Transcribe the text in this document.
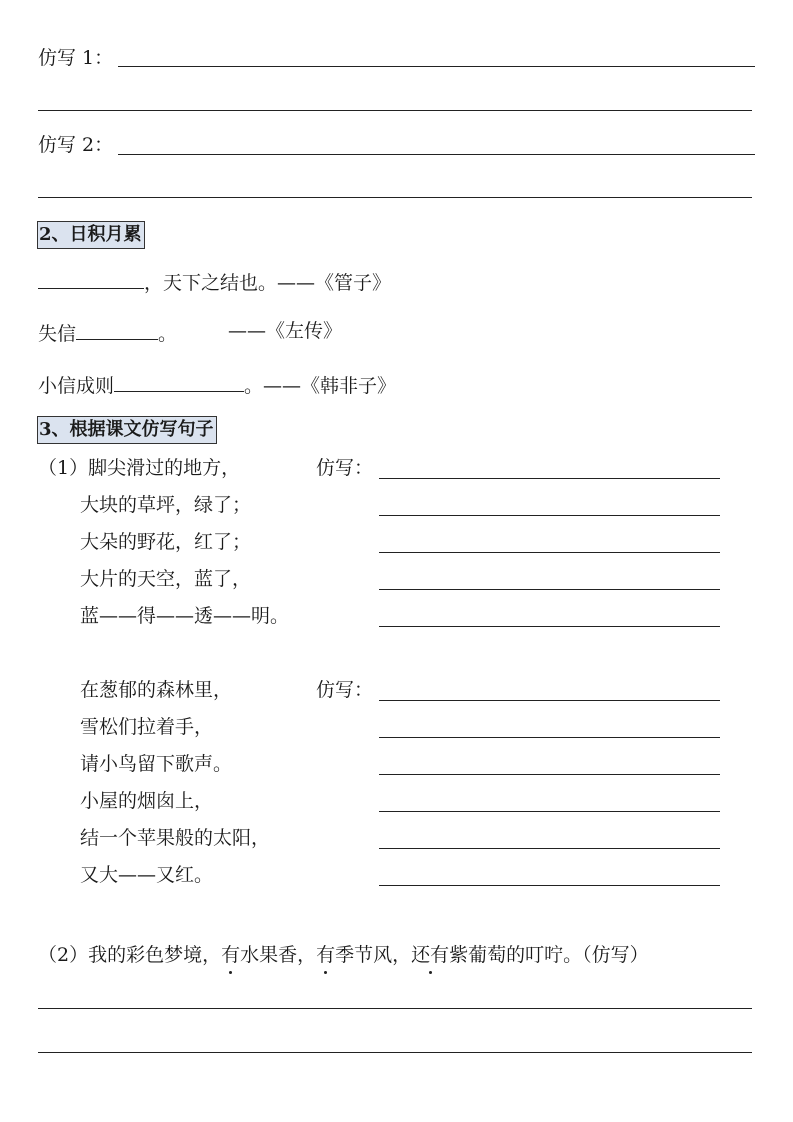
仿写 1：
仿写 2：
2、日积月累
，天下之结也。——《管子》
失信	。	——《左传》
小信成则	。——《韩非子》
3、根据课文仿写句子
（1）脚尖滑过的地方，
大块的草坪，绿了；
大朵的野花，红了；
大片的天空，蓝了，
蓝——得——透——明。
仿写：
在葱郁的森林里，
雪松们拉着手，
请小鸟留下歌声。
小屋的烟囱上，
结一个苹果般的太阳，
又大——又红。
仿写：
（2）我的彩色梦境，有水果香，有季节风，还有紫葡萄的叮咛。（仿写）
